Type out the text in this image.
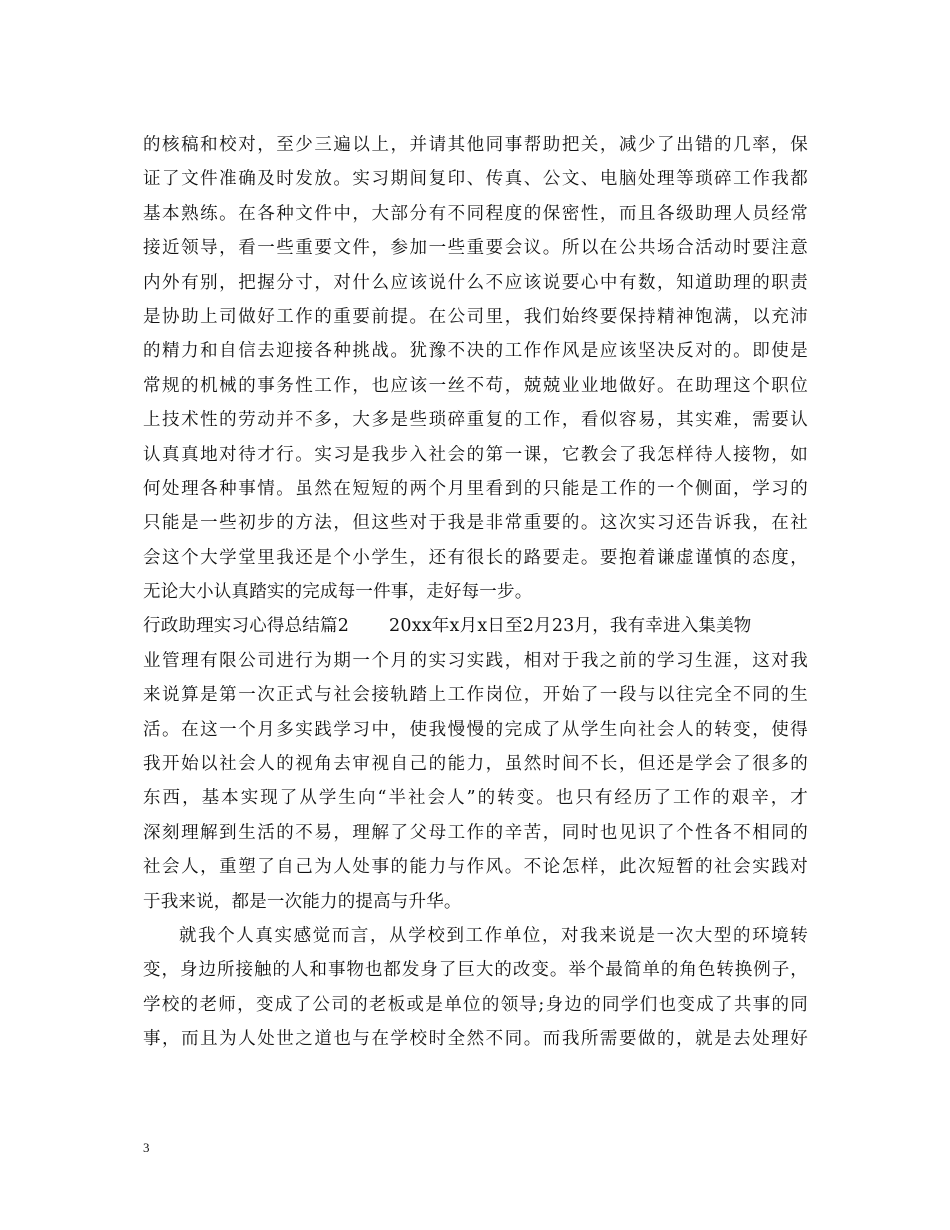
的核稿和校对，至少三遍以上，并请其他同事帮助把关，减少了出错的几率，保
证了文件准确及时发放。实习期间复印、传真、公文、电脑处理等琐碎工作我都
基本熟练。在各种文件中，大部分有不同程度的保密性，而且各级助理人员经常
接近领导，看一些重要文件，参加一些重要会议。所以在公共场合活动时要注意
内外有别，把握分寸，对什么应该说什么不应该说要心中有数，知道助理的职责
是协助上司做好工作的重要前提。在公司里，我们始终要保持精神饱满，以充沛
的精力和自信去迎接各种挑战。犹豫不决的工作作风是应该坚决反对的。即使是
常规的机械的事务性工作，也应该一丝不苟，兢兢业业地做好。在助理这个职位
上技术性的劳动并不多，大多是些琐碎重复的工作，看似容易，其实难，需要认
认真真地对待才行。实习是我步入社会的第一课，它教会了我怎样待人接物，如
何处理各种事情。虽然在短短的两个月里看到的只能是工作的一个侧面，学习的
只能是一些初步的方法，但这些对于我是非常重要的。这次实习还告诉我，在社
会这个大学堂里我还是个小学生，还有很长的路要走。要抱着谦虚谨慎的态度，
无论大小认真踏实的完成每一件事，走好每一步。
行政助理实习心得总结篇2 20xx年x月x日至2月23月，我有幸进入集美物
业管理有限公司进行为期一个月的实习实践，相对于我之前的学习生涯，这对我
来说算是第一次正式与社会接轨踏上工作岗位，开始了一段与以往完全不同的生
活。在这一个月多实践学习中，使我慢慢的完成了从学生向社会人的转变，使得
我开始以社会人的视角去审视自己的能力，虽然时间不长，但还是学会了很多的
东西，基本实现了从学生向“半社会人”的转变。也只有经历了工作的艰辛，才
深刻理解到生活的不易，理解了父母工作的辛苦，同时也见识了个性各不相同的
社会人，重塑了自己为人处事的能力与作风。不论怎样，此次短暂的社会实践对
于我来说，都是一次能力的提高与升华。
就我个人真实感觉而言，从学校到工作单位，对我来说是一次大型的环境转
变，身边所接触的人和事物也都发身了巨大的改变。举个最简单的角色转换例子，
学校的老师，变成了公司的老板或是单位的领导;身边的同学们也变成了共事的同
事，而且为人处世之道也与在学校时全然不同。而我所需要做的，就是去处理好
3
